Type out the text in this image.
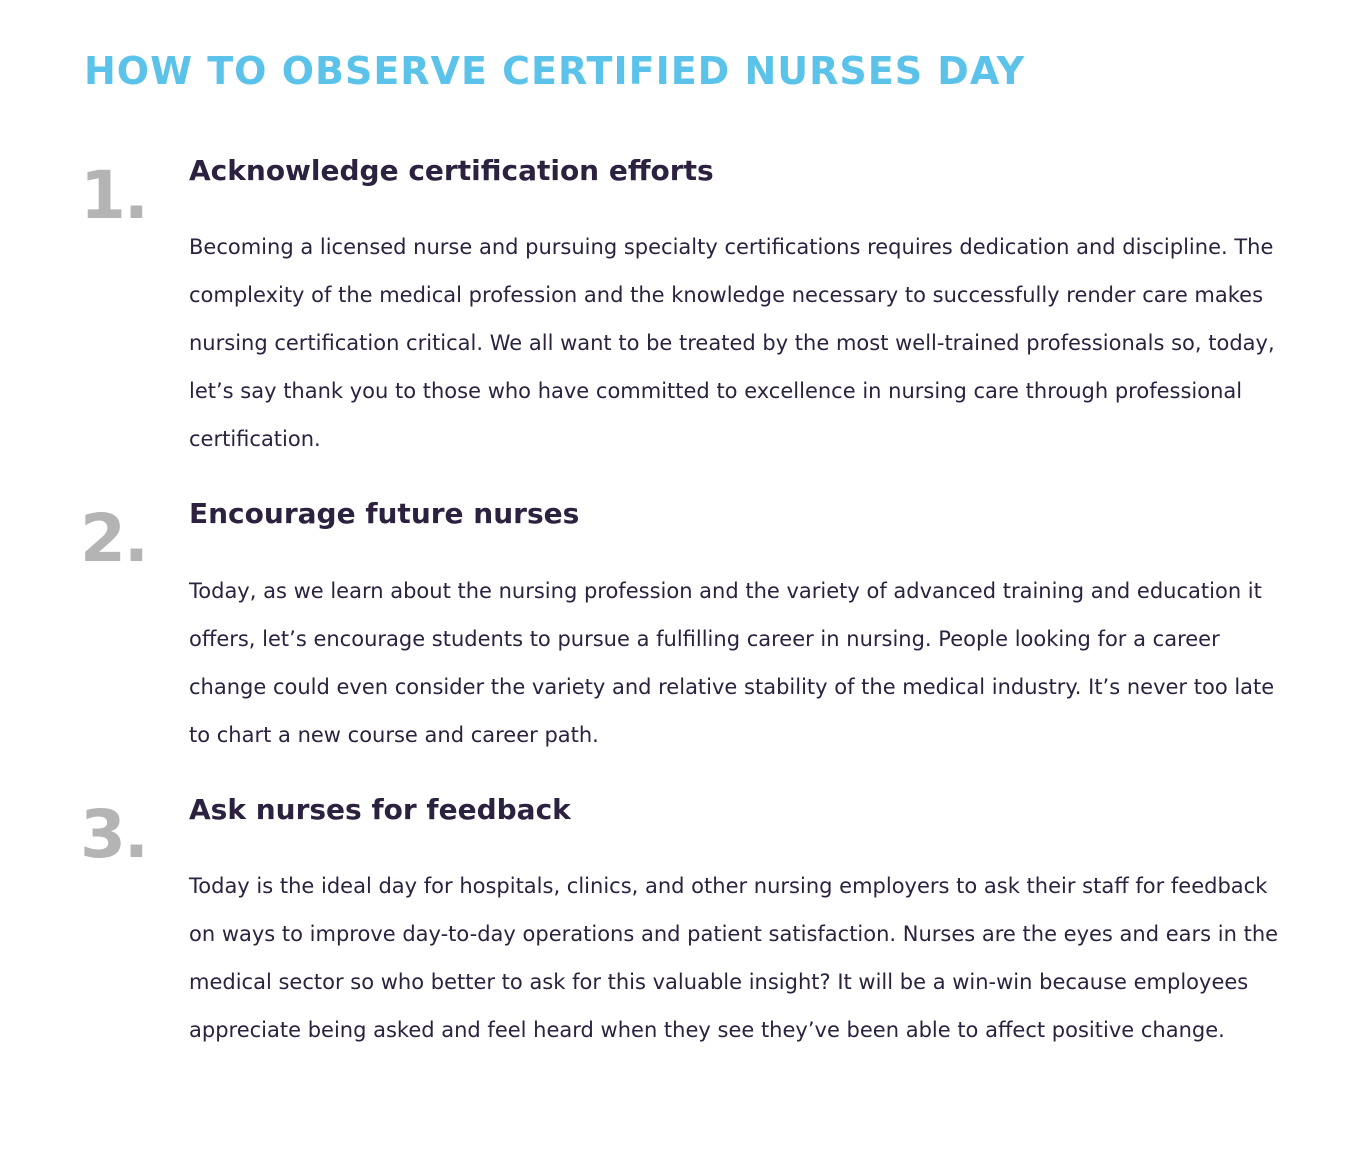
HOW TO OBSERVE CERTIFIED NURSES DAY
1. Acknowledge certification efforts

Becoming a licensed nurse and pursuing specialty certifications requires dedication and discipline. The complexity of the medical profession and the knowledge necessary to successfully render care makes nursing certification critical. We all want to be treated by the most well-trained professionals so, today, let’s say thank you to those who have committed to excellence in nursing care through professional certification.

2. Encourage future nurses

Today, as we learn about the nursing profession and the variety of advanced training and education it offers, let’s encourage students to pursue a fulfilling career in nursing. People looking for a career change could even consider the variety and relative stability of the medical industry. It’s never too late to chart a new course and career path.

3. Ask nurses for feedback

Today is the ideal day for hospitals, clinics, and other nursing employers to ask their staff for feedback on ways to improve day-to-day operations and patient satisfaction. Nurses are the eyes and ears in the medical sector so who better to ask for this valuable insight? It will be a win-win because employees appreciate being asked and feel heard when they see they’ve been able to affect positive change.
